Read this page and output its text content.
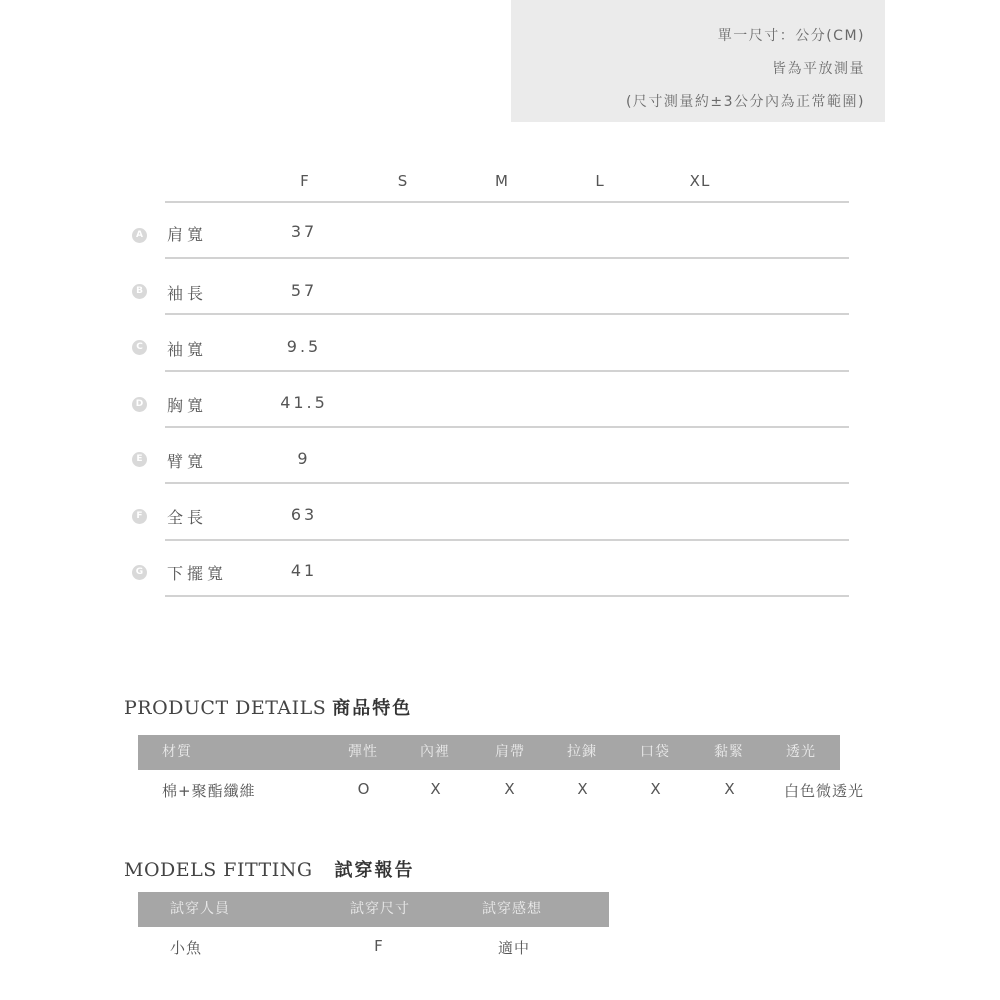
單一尺寸：公分(CM)
皆為平放測量
(尺寸測量約±3公分內為正常範圍)
F	S	M	L	XL
A 肩寬	37
B 袖長	57
C 袖寬	9.5
D 胸寬	41.5
E 臂寬	9
F 全長	63
G 下擺寬	41
PRODUCT DETAILS 商品特色
材質	彈性	內裡	肩帶	拉鍊	口袋	黏緊	透光
棉+聚酯纖維	O	X	X	X	X	X	白色微透光
MODELS FITTING 試穿報告
試穿人員	試穿尺寸	試穿感想
小魚	F	適中
